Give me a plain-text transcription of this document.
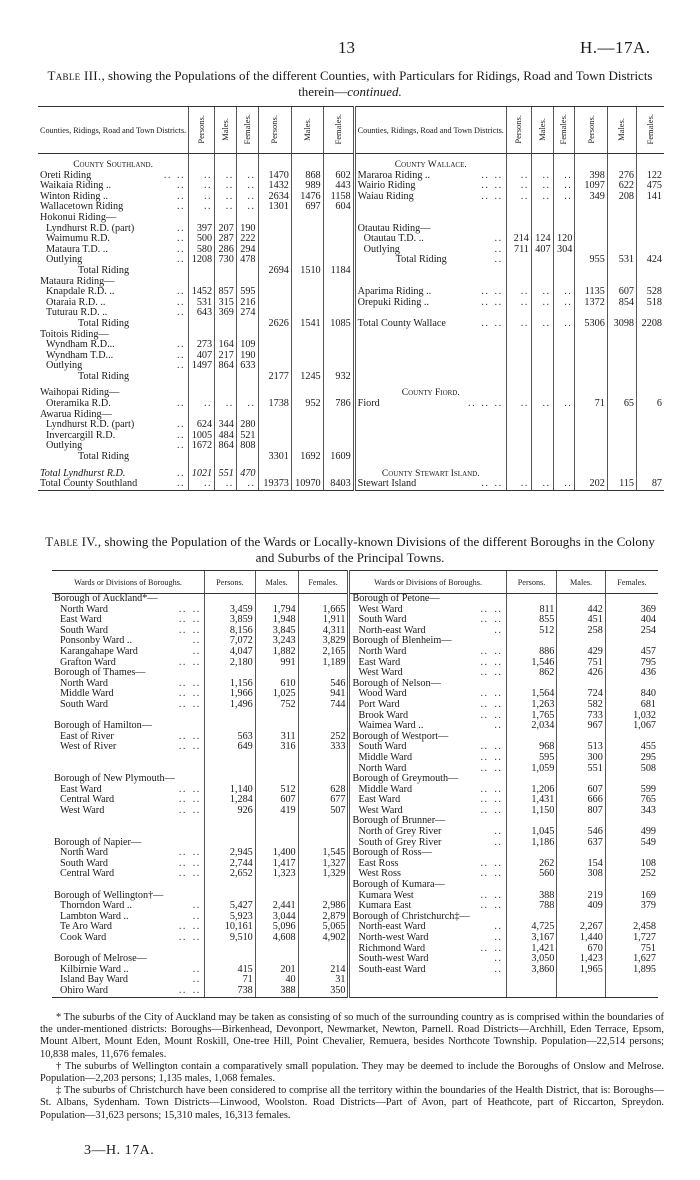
13	H.—17A.
Table III., showing the Populations of the different Counties, with Particulars for Ridings, Road and Town Districts therein—continued.
Counties, Ridings, Road and Town Districts.				Persons.	Males.	Females.	Persons.	Males.	Females.	Counties, Ridings, Road and Town Districts.				Persons.	Males.	Females.	Persons.	Males.	Females.
County Southland.										County Wallace.									
Oreti Riding		..	..	..	..	..	1470	868	602	Mararoa Riding ..		..	..	..	..	..	398	276	122
Waikaia Riding ..			..	..	..	..	1432	989	443	Wairio Riding		..	..	..	..	..	1097	622	475
Winton Riding ..			..	..	..	..	2634	1476	1158	Waiau Riding		..	..	..	..	..	349	208	141
Wallacetown Riding			..	..	..	..	1301	697	604										
Hokonui Riding—																			
Lyndhurst R.D. (part)			..	397	207	190				Otautau Riding—									
Waimumu R.D.			..	500	287	222				Otautau T.D. ..			..	214	124	120			
Mataura T.D. ..			..	580	286	294				Outlying			..	711	407	304			
Outlying			..	1208	730	478				Total Riding			..				955	531	424
Total Riding							2694	1510	1184										
Mataura Riding—																			
Knapdale R.D. ..			..	1452	857	595				Aparima Riding ..		..	..	..	..	..	1135	607	528
Otaraia R.D. ..			..	531	315	216				Orepuki Riding ..		..	..	..	..	..	1372	854	518
Tuturau R.D. ..			..	643	369	274													
Total Riding							2626	1541	1085	Total County Wallace		..	..	..	..	..	5306	3098	2208
Toitois Riding—																			
Wyndham R.D...			..	273	164	109													
Wyndham T.D...			..	407	217	190													
Outlying			..	1497	864	633													
Total Riding							2177	1245	932										
Waihopai Riding—										County Fiord.									
Oteramika R.D.			..	..	..	..	1738	952	786	Fiord	..	..	..	..	..	..	71	65	6
Awarua Riding—																			
Lyndhurst R.D. (part)			..	624	344	280													
Invercargill R.D.			..	1005	484	521													
Outlying			..	1672	864	808													
Total Riding							3301	1692	1609										
Total Lyndhurst R.D.			..	1021	551	470				County Stewart Island.									
Total County Southland			..	..	..	..	19373	10970	8403	Stewart Island		..	..	..	..	..	202	115	87
Table IV., showing the Population of the Wards or Locally-known Divisions of the different Boroughs in the Colony and Suburbs of the Principal Towns.
Wards or Divisions of Boroughs.			Persons.	Males.	Females.	Wards or Divisions of Boroughs.			Persons.	Males.	Females.
Borough of Auckland*—						Borough of Petone—					
North Ward	..	..	3,459	1,794	1,665	West Ward	..	..	811	442	369
East Ward	..	..	3,859	1,948	1,911	South Ward	..	..	855	451	404
South Ward	..	..	8,156	3,845	4,311	North-east Ward		..	512	258	254
Ponsonby Ward ..		..	7,072	3,243	3,829	Borough of Blenheim—					
Karangahape Ward		..	4,047	1,882	2,165	North Ward	..	..	886	429	457
Grafton Ward	..	..	2,180	991	1,189	East Ward	..	..	1,546	751	795
Borough of Thames—						West Ward	..	..	862	426	436
North Ward	..	..	1,156	610	546	Borough of Nelson—					
Middle Ward	..	..	1,966	1,025	941	Wood Ward	..	..	1,564	724	840
South Ward	..	..	1,496	752	744	Port Ward	..	..	1,263	582	681
						Brook Ward	..	..	1,765	733	1,032
Borough of Hamilton—						Waimea Ward ..		..	2,034	967	1,067
East of River	..	..	563	311	252	Borough of Westport—					
West of River	..	..	649	316	333	South Ward	..	..	968	513	455
						Middle Ward	..	..	595	300	295
						North Ward	..	..	1,059	551	508
Borough of New Plymouth—						Borough of Greymouth—					
East Ward	..	..	1,140	512	628	Middle Ward	..	..	1,206	607	599
Central Ward	..	..	1,284	607	677	East Ward	..	..	1,431	666	765
West Ward	..	..	926	419	507	West Ward	..	..	1,150	807	343
						Borough of Brunner—					
						North of Grey River		..	1,045	546	499
Borough of Napier—						South of Grey River		..	1,186	637	549
North Ward	..	..	2,945	1,400	1,545	Borough of Ross—					
South Ward	..	..	2,744	1,417	1,327	East Ross	..	..	262	154	108
Central Ward	..	..	2,652	1,323	1,329	West Ross	..	..	560	308	252
						Borough of Kumara—					
Borough of Wellington†—						Kumara West	..	..	388	219	169
Thorndon Ward ..		..	5,427	2,441	2,986	Kumara East	..	..	788	409	379
Lambton Ward ..		..	5,923	3,044	2,879	Borough of Christchurch‡—					
Te Aro Ward	..	..	10,161	5,096	5,065	North-east Ward		..	4,725	2,267	2,458
Cook Ward	..	..	9,510	4,608	4,902	North-west Ward		..	3,167	1,440	1,727
						Richmond Ward	..	..	1,421	670	751
Borough of Melrose—						South-west Ward		..	3,050	1,423	1,627
Kilbirnie Ward ..		..	415	201	214	South-east Ward		..	3,860	1,965	1,895
Island Bay Ward		..	71	40	31						
Ohiro Ward	..	..	738	388	350						

* The suburbs of the City of Auckland may be taken as consisting of so much of the surrounding country as is comprised within the boundaries of the under-mentioned districts: Boroughs—Birkenhead, Devonport, Newmarket, Newton, Parnell. Road Districts—Archhill, Eden Terrace, Epsom, Mount Albert, Mount Eden, Mount Roskill, One-tree Hill, Point Chevalier, Remuera, besides Northcote Township. Population—22,514 persons; 10,838 males, 11,676 females.

† The suburbs of Wellington contain a comparatively small population. They may be deemed to include the Boroughs of Onslow and Melrose. Population—2,203 persons; 1,135 males, 1,068 females.

‡ The suburbs of Christchurch have been considered to comprise all the territory within the boundaries of the Health District, that is: Boroughs—St. Albans, Sydenham. Town Districts—Linwood, Woolston. Road Districts—Part of Avon, part of Heathcote, part of Riccarton, Spreydon. Population—31,623 persons; 15,310 males, 16,313 females.

3—H. 17A.
